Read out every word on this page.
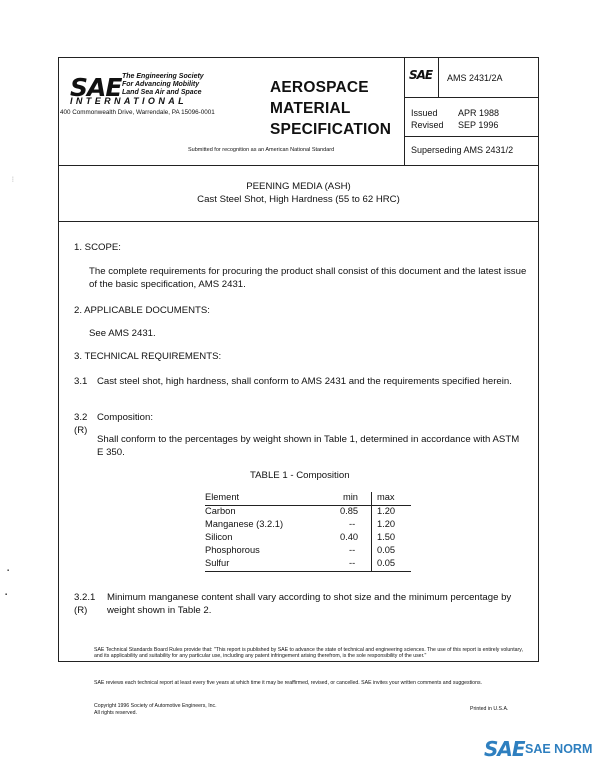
SAE The Engineering Society
For Advancing Mobility
Land Sea Air and Space
INTERNATIONAL
400 Commonwealth Drive, Warrendale, PA 15096-0001
AEROSPACE
MATERIAL
SPECIFICATION
Submitted for recognition as an American National Standard
SAE AMS 2431/2A
Issued APR 1988
Revised SEP 1996
Superseding AMS 2431/2
PEENING MEDIA (ASH)
Cast Steel Shot, High Hardness (55 to 62 HRC)
1. SCOPE:
The complete requirements for procuring the product shall consist of this document and the latest issue of the basic specification, AMS 2431.
2. APPLICABLE DOCUMENTS:
See AMS 2431.
3. TECHNICAL REQUIREMENTS:
3.1 Cast steel shot, high hardness, shall conform to AMS 2431 and the requirements specified herein.
3.2
(R)
Composition:
Shall conform to the percentages by weight shown in Table 1, determined in accordance with ASTM E 350.
TABLE 1 - Composition
Element	min max
Carbon	0.85 1.20
Manganese (3.2.1)	-- 1.20
Silicon	0.40 1.50
Phosphorous	-- 0.05
Sulfur	-- 0.05
3.2.1
(R)
Minimum manganese content shall vary according to shot size and the minimum percentage by weight shown in Table 2.
SAE Technical Standards Board Rules provide that: "This report is published by SAE to advance the state of technical and engineering sciences. The use of this report is entirely voluntary, and its applicability and suitability for any particular use, including any patent infringement arising therefrom, is the sole responsibility of the user."
SAE reviews each technical report at least every five years at which time it may be reaffirmed, revised, or cancelled. SAE invites your written comments and suggestions.
Copyright 1996 Society of Automotive Engineers, Inc.
All rights reserved.
Printed in U.S.A.
⋮
▪
▪
SAE SAE NORM
